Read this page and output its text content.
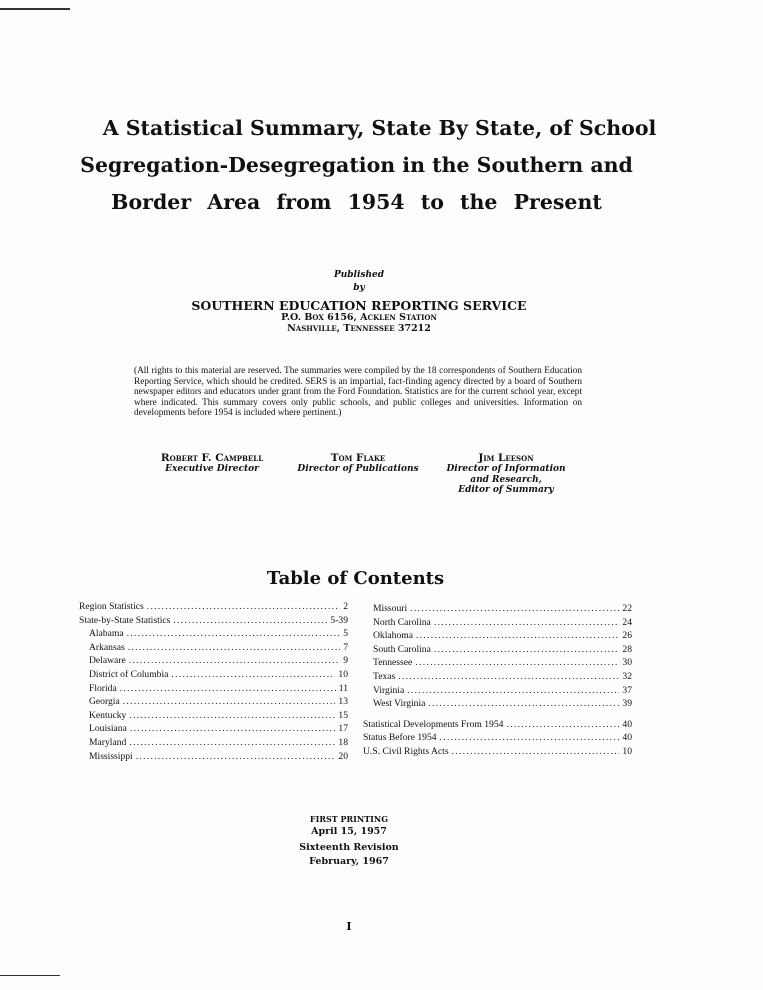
A Statistical Summary, State By State, of School
Segregation-Desegregation in the Southern and
Border Area from 1954 to the Present
Published
by
SOUTHERN EDUCATION REPORTING SERVICE
P.O. Box 6156, Acklen Station
Nashville, Tennessee 37212
(All rights to this material are reserved. The summaries were compiled by the 18 correspondents of Southern Education Reporting Service, which should be credited. SERS is an impartial, fact-finding agency directed by a board of Southern newspaper editors and educators under grant from the Ford Foundation. Statistics are for the current school year, except where indicated. This summary covers only public schools, and public colleges and universities. Information on developments before 1954 is included where pertinent.)
Robert F. Campbell
Executive Director
Tom Flake
Director of Publications
Jim Leeson
Director of Information
and Research,
Editor of Summary
Table of Contents
Region Statistics .....	2
State-by-State Statistics .....	5-39
Alabama .....	5
Arkansas .....	7
Delaware .....	9
District of Columbia .....	10
Florida .....	11
Georgia .....	13
Kentucky .....	15
Louisiana .....	17
Maryland .....	18
Mississippi .....	20
Missouri .....	22
North Carolina .....	24
Oklahoma .....	26
South Carolina .....	28
Tennessee .....	30
Texas .....	32
Virginia .....	37
West Virginia .....	39
Statistical Developments From 1954 .....	40
Status Before 1954 .....	40
U.S. Civil Rights Acts .....	10
FIRST PRINTING
April 15, 1957
Sixteenth Revision
February, 1967
I
